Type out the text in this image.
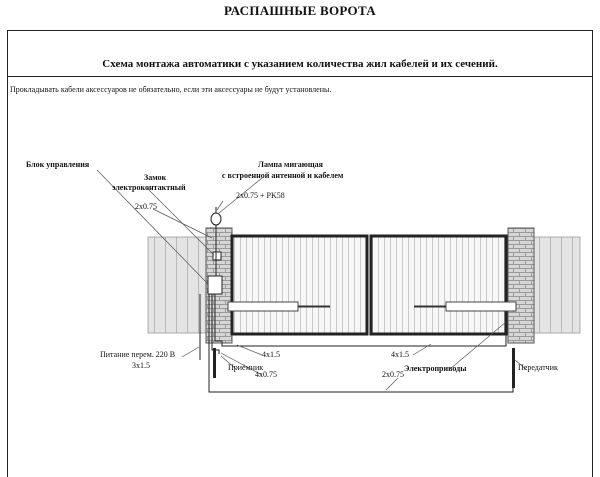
РАСПАШНЫЕ ВОРОТА
Схема монтажа автоматики с указанием количества жил кабелей и их сечений.
Прокладывать кабели аксессуаров не обязательно, если эти аксессуары не будут установлены.
Блок управления
Замок
электроконтактный
2x0.75
Лампа мигающая
с встроенной антенной и кабелем
2x0.75 + PK58
Питание перем. 220 В
3x1.5
4x1.5	4x1.5
Приёмник
4x0.75
Электроприводы
2x0.75
Передатчик
